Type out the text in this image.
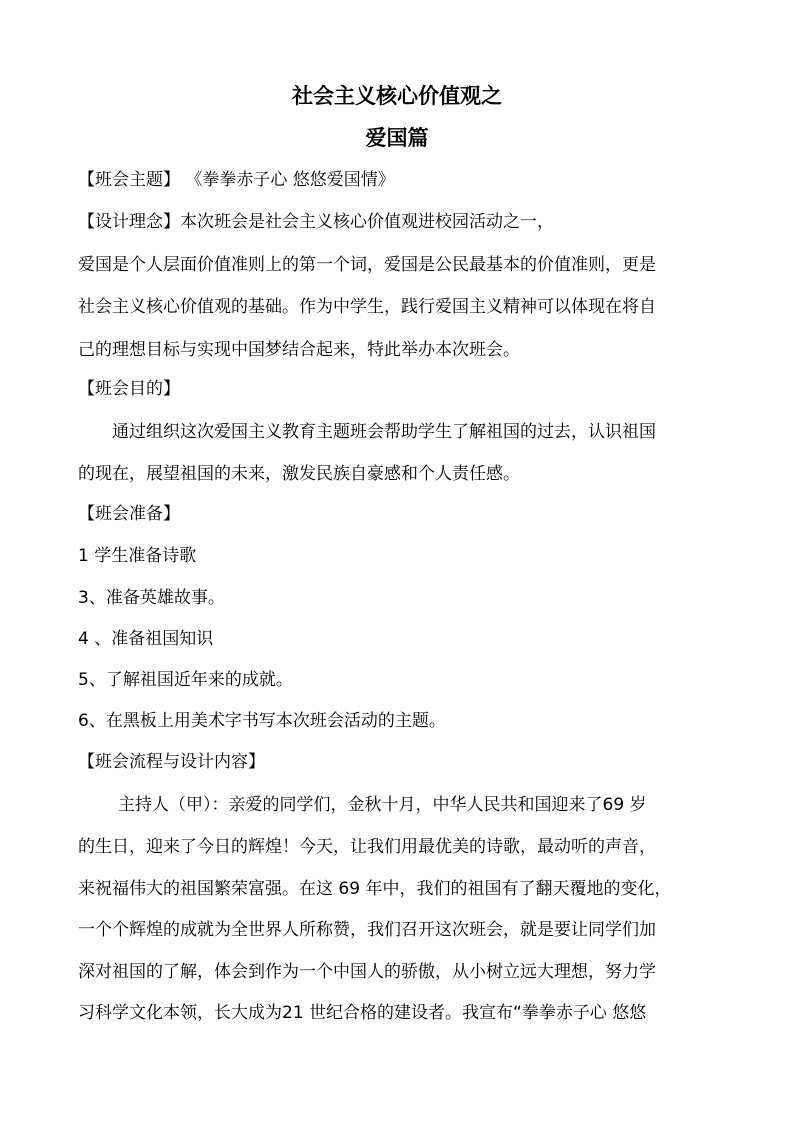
社会主义核心价值观之
爱国篇
【班会主题】 《拳拳赤子心 悠悠爱国情》
【设计理念】本次班会是社会主义核心价值观进校园活动之一，
爱国是个人层面价值准则上的第一个词，爱国是公民最基本的价值准则，更是
社会主义核心价值观的基础。作为中学生，践行爱国主义精神可以体现在将自
己的理想目标与实现中国梦结合起来，特此举办本次班会。
【班会目的】
通过组织这次爱国主义教育主题班会帮助学生了解祖国的过去，认识祖国
的现在，展望祖国的未来，激发民族自豪感和个人责任感。
【班会准备】
1 学生准备诗歌
3、准备英雄故事。
4 、准备祖国知识
5、了解祖国近年来的成就。
6、在黑板上用美术字书写本次班会活动的主题。
【班会流程与设计内容】
主持人（甲）：亲爱的同学们，金秋十月，中华人民共和国迎来了69 岁
的生日，迎来了今日的辉煌！今天，让我们用最优美的诗歌，最动听的声音，
来祝福伟大的祖国繁荣富强。在这 69 年中，我们的祖国有了翻天覆地的变化，
一个个辉煌的成就为全世界人所称赞，我们召开这次班会，就是要让同学们加
深对祖国的了解，体会到作为一个中国人的骄傲，从小树立远大理想，努力学
习科学文化本领，长大成为21 世纪合格的建设者。我宣布“拳拳赤子心 悠悠
